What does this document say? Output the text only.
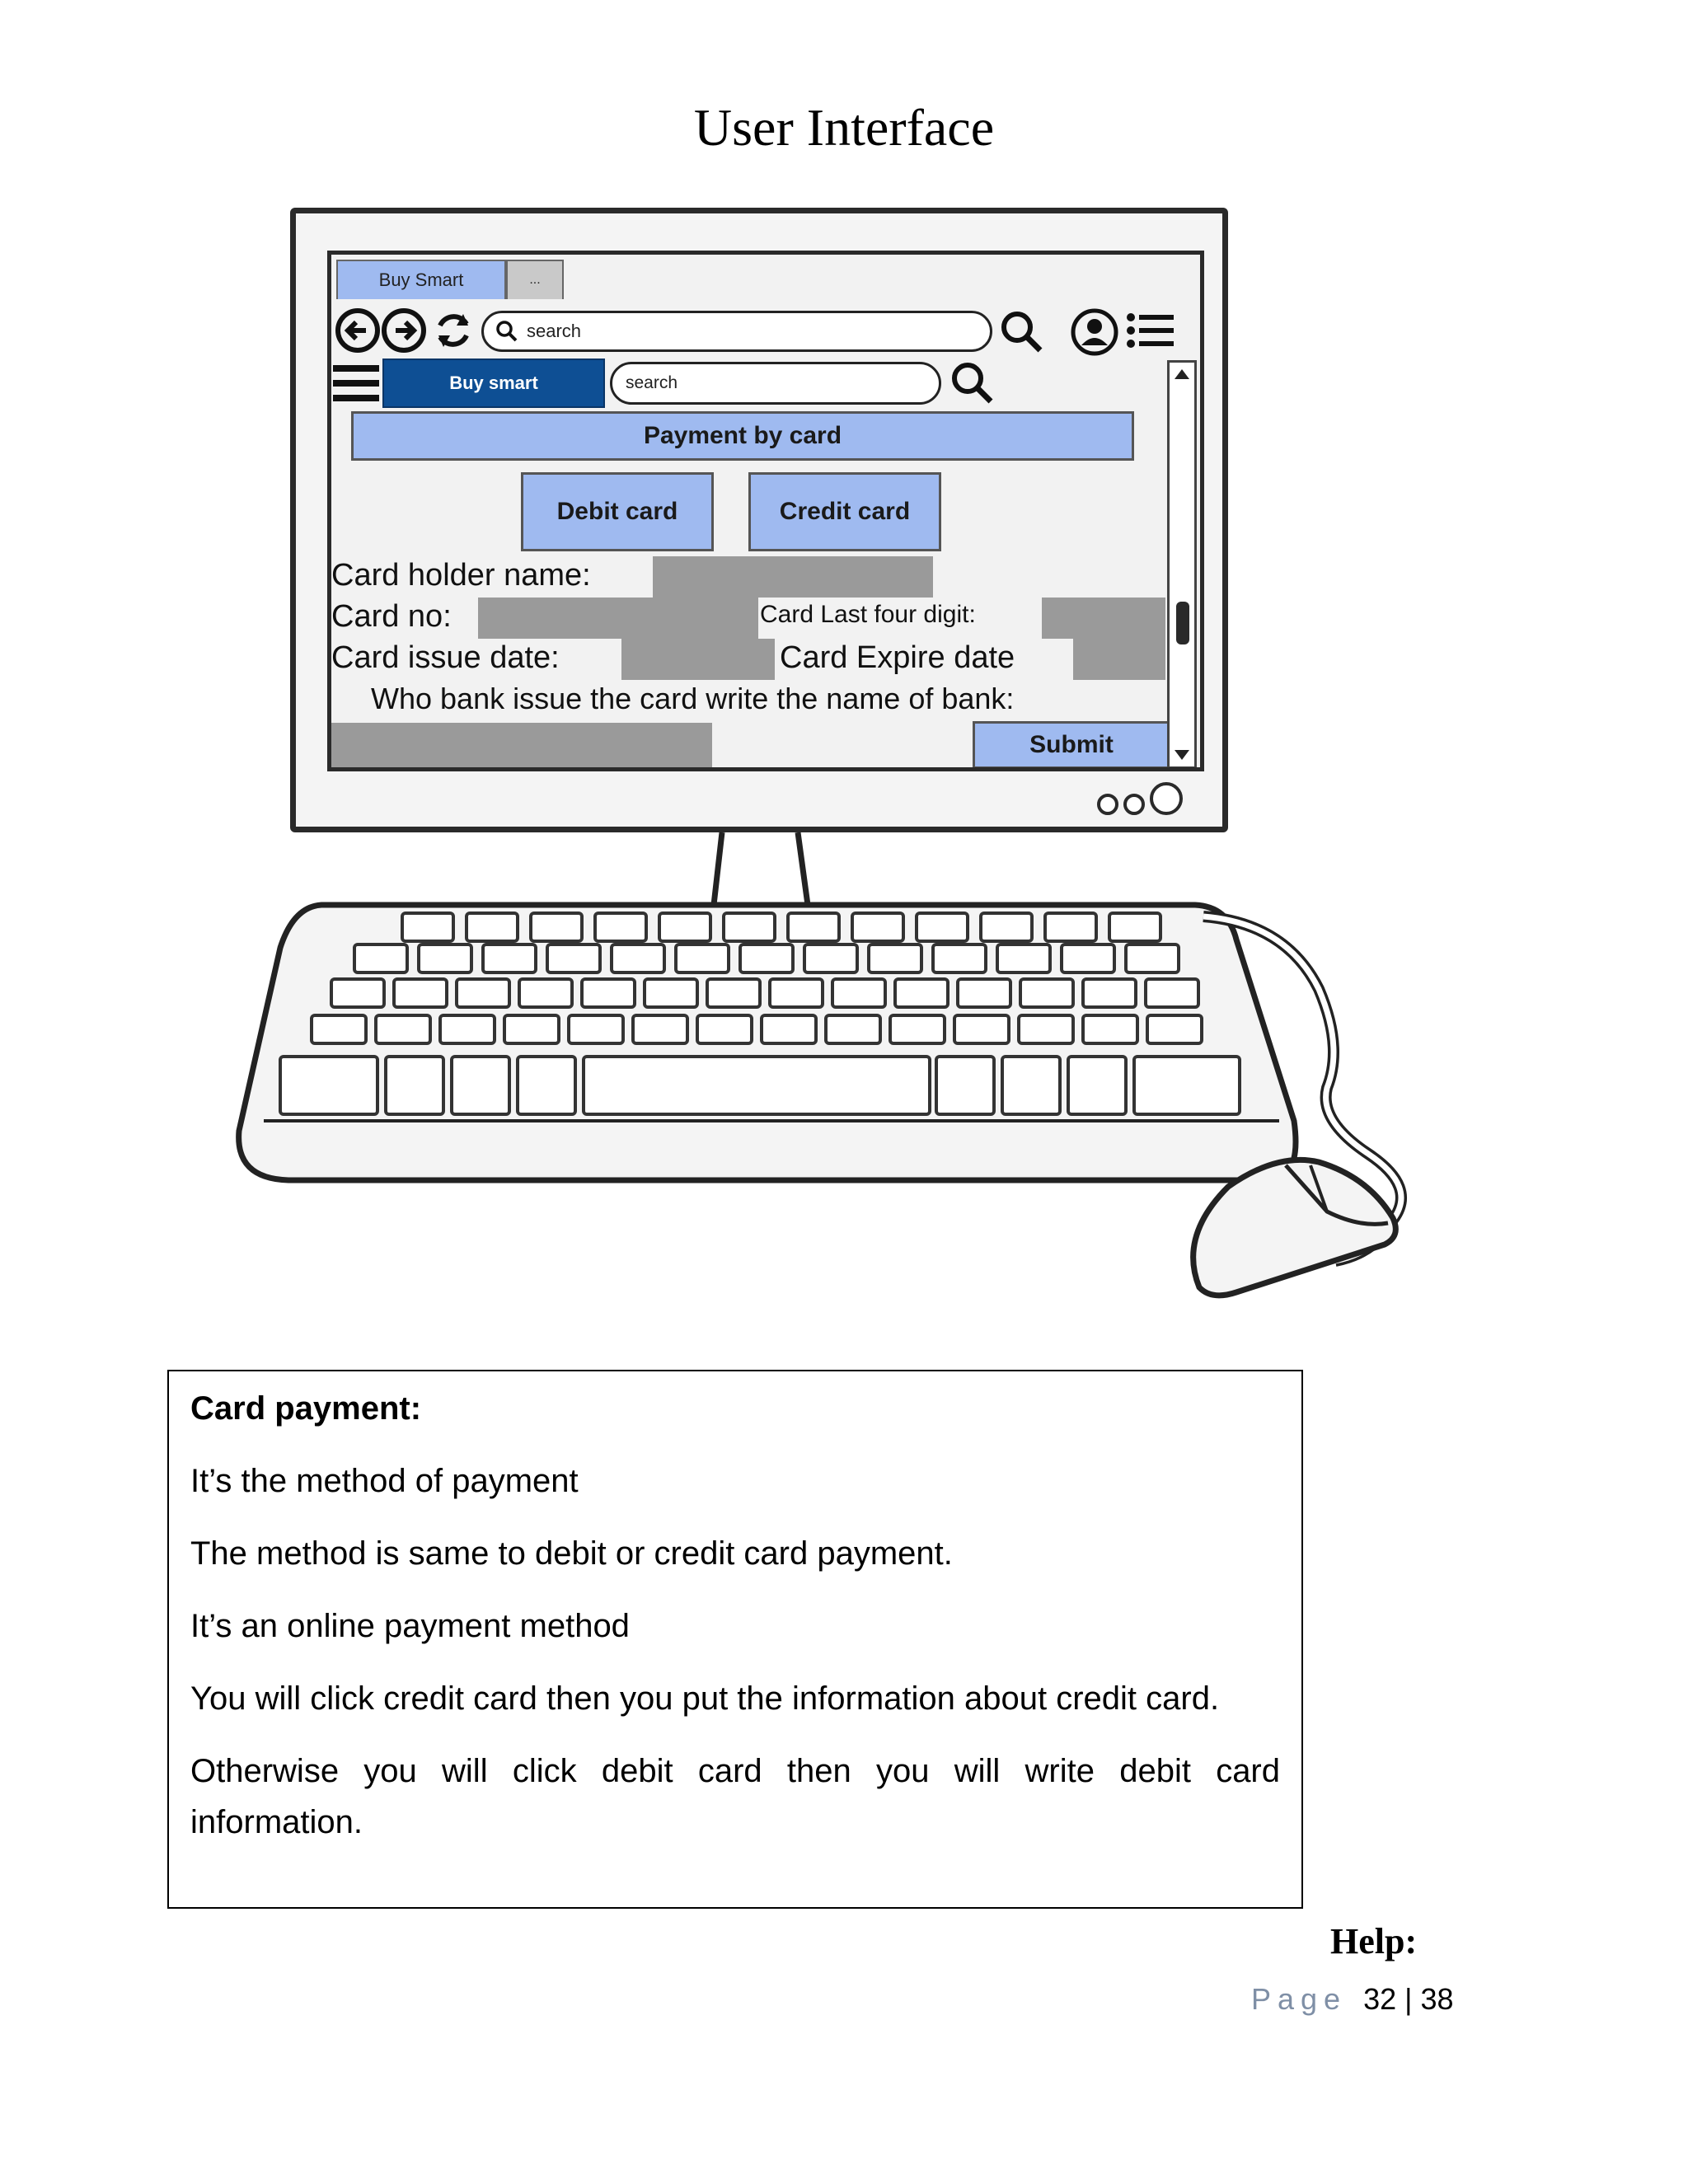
User Interface
Buy Smart	...
search
Buy smart	search
Payment by card
Debit card	Credit card
Card holder name:
Card no:	Card Last four digit:
Card issue date:	Card Expire date
Who bank issue the card write the name of bank:
Submit

Card payment:

It’s the method of payment

The method is same to debit or credit card payment.

It’s an online payment method

You will click credit card then you put the information about credit card.

Otherwise you will click debit card then you will write debit card information.

Help:
Page 32 | 38
